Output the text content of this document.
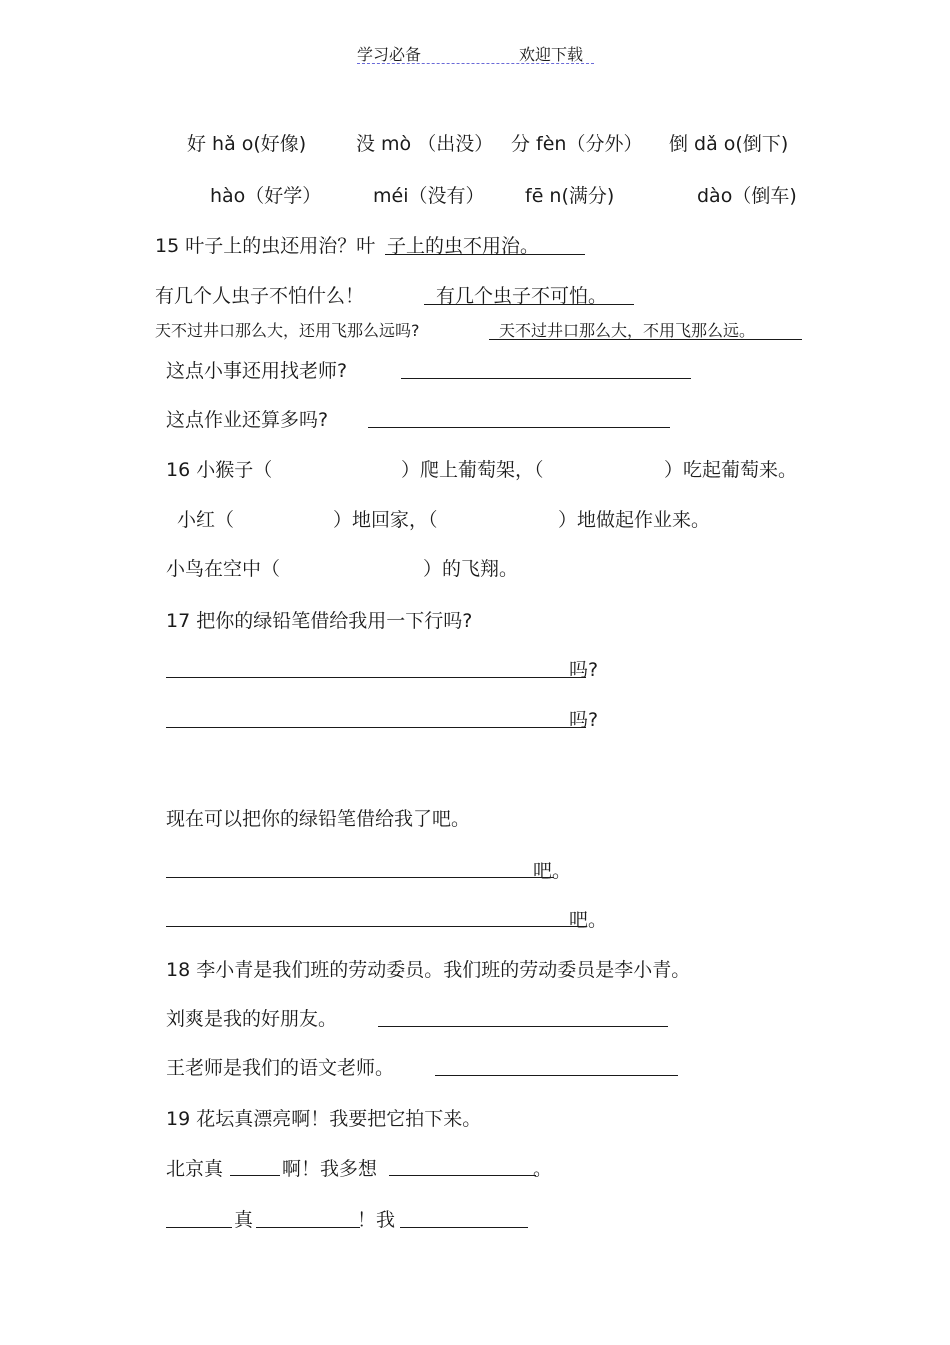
学习必备	欢迎下载
好 hǎ o(好像)	没 mò （出没） 分 fèn（分外） 倒 dǎ o(倒下)
hào（好学）	méi（没有） fē n(满分)	dào（倒车)
15 叶子上的虫还用治？叶 子上的虫不用治。
有几个人虫子不怕什么！	有几个虫子不可怕。
天不过井口那么大，还用飞那么远吗?	天不过井口那么大，不用飞那么远。
这点小事还用找老师?
这点作业还算多吗?
16 小猴子（	）爬上葡萄架，（	）吃起葡萄来。
小红（	）地回家，（	）地做起作业来。
小鸟在空中（	）的飞翔。
17 把你的绿铅笔借给我用一下行吗?
吗?
吗?
现在可以把你的绿铅笔借给我了吧。
吧。
吧。
18 李小青是我们班的劳动委员。我们班的劳动委员是李小青。
刘爽是我的好朋友。
王老师是我们的语文老师。
19 花坛真漂亮啊！我要把它拍下来。
北京真	啊！我多想	。
真	！我
